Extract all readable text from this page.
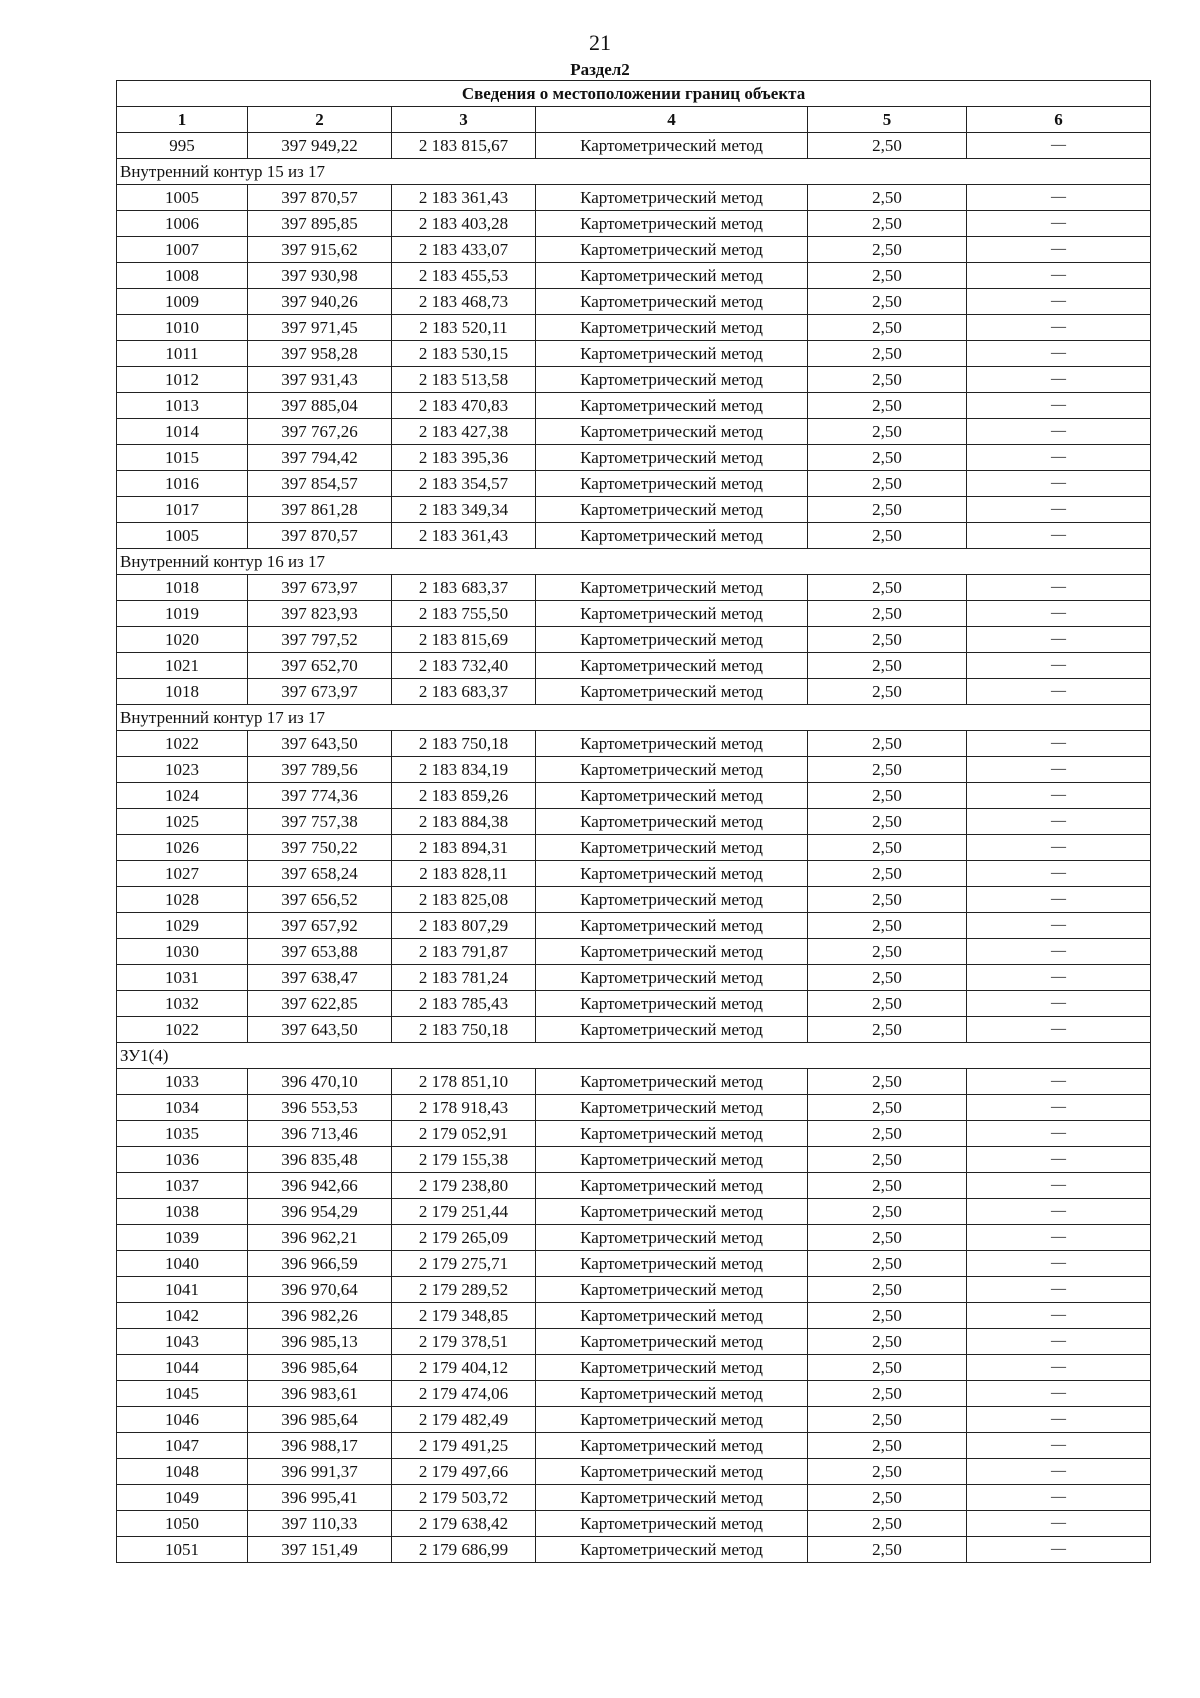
21
Раздел2
Сведения о местоположении границ объекта					
1	2	3	4	5	6
995	397 949,22	2 183 815,67	Картометрический метод	2,50	—
Внутренний контур 15 из 17					
1005	397 870,57	2 183 361,43	Картометрический метод	2,50	—
1006	397 895,85	2 183 403,28	Картометрический метод	2,50	—
1007	397 915,62	2 183 433,07	Картометрический метод	2,50	—
1008	397 930,98	2 183 455,53	Картометрический метод	2,50	—
1009	397 940,26	2 183 468,73	Картометрический метод	2,50	—
1010	397 971,45	2 183 520,11	Картометрический метод	2,50	—
1011	397 958,28	2 183 530,15	Картометрический метод	2,50	—
1012	397 931,43	2 183 513,58	Картометрический метод	2,50	—
1013	397 885,04	2 183 470,83	Картометрический метод	2,50	—
1014	397 767,26	2 183 427,38	Картометрический метод	2,50	—
1015	397 794,42	2 183 395,36	Картометрический метод	2,50	—
1016	397 854,57	2 183 354,57	Картометрический метод	2,50	—
1017	397 861,28	2 183 349,34	Картометрический метод	2,50	—
1005	397 870,57	2 183 361,43	Картометрический метод	2,50	—
Внутренний контур 16 из 17					
1018	397 673,97	2 183 683,37	Картометрический метод	2,50	—
1019	397 823,93	2 183 755,50	Картометрический метод	2,50	—
1020	397 797,52	2 183 815,69	Картометрический метод	2,50	—
1021	397 652,70	2 183 732,40	Картометрический метод	2,50	—
1018	397 673,97	2 183 683,37	Картометрический метод	2,50	—
Внутренний контур 17 из 17					
1022	397 643,50	2 183 750,18	Картометрический метод	2,50	—
1023	397 789,56	2 183 834,19	Картометрический метод	2,50	—
1024	397 774,36	2 183 859,26	Картометрический метод	2,50	—
1025	397 757,38	2 183 884,38	Картометрический метод	2,50	—
1026	397 750,22	2 183 894,31	Картометрический метод	2,50	—
1027	397 658,24	2 183 828,11	Картометрический метод	2,50	—
1028	397 656,52	2 183 825,08	Картометрический метод	2,50	—
1029	397 657,92	2 183 807,29	Картометрический метод	2,50	—
1030	397 653,88	2 183 791,87	Картометрический метод	2,50	—
1031	397 638,47	2 183 781,24	Картометрический метод	2,50	—
1032	397 622,85	2 183 785,43	Картометрический метод	2,50	—
1022	397 643,50	2 183 750,18	Картометрический метод	2,50	—
ЗУ1(4)					
1033	396 470,10	2 178 851,10	Картометрический метод	2,50	—
1034	396 553,53	2 178 918,43	Картометрический метод	2,50	—
1035	396 713,46	2 179 052,91	Картометрический метод	2,50	—
1036	396 835,48	2 179 155,38	Картометрический метод	2,50	—
1037	396 942,66	2 179 238,80	Картометрический метод	2,50	—
1038	396 954,29	2 179 251,44	Картометрический метод	2,50	—
1039	396 962,21	2 179 265,09	Картометрический метод	2,50	—
1040	396 966,59	2 179 275,71	Картометрический метод	2,50	—
1041	396 970,64	2 179 289,52	Картометрический метод	2,50	—
1042	396 982,26	2 179 348,85	Картометрический метод	2,50	—
1043	396 985,13	2 179 378,51	Картометрический метод	2,50	—
1044	396 985,64	2 179 404,12	Картометрический метод	2,50	—
1045	396 983,61	2 179 474,06	Картометрический метод	2,50	—
1046	396 985,64	2 179 482,49	Картометрический метод	2,50	—
1047	396 988,17	2 179 491,25	Картометрический метод	2,50	—
1048	396 991,37	2 179 497,66	Картометрический метод	2,50	—
1049	396 995,41	2 179 503,72	Картометрический метод	2,50	—
1050	397 110,33	2 179 638,42	Картометрический метод	2,50	—
1051	397 151,49	2 179 686,99	Картометрический метод	2,50	—
